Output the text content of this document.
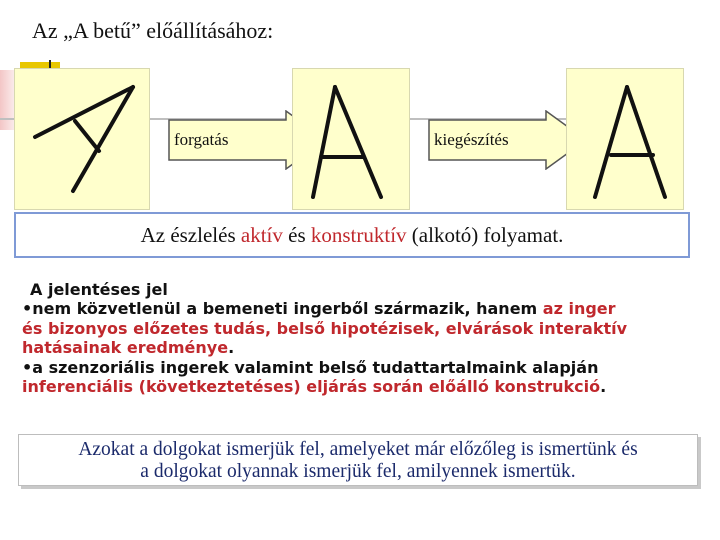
Az „A betű” előállításához:
forgatás	kiegészítés
Az észlelés aktív és konstruktív (alkotó) folyamat.
A jelentéses jel
•nem közvetlenül a bemeneti ingerből származik, hanem az inger
és bizonyos előzetes tudás, belső hipotézisek, elvárások interaktív
hatásainak eredménye.
•a szenzoriális ingerek valamint belső tudattartalmaink alapján
inferenciális (következtetéses) eljárás során előálló konstrukció.
Azokat a dolgokat ismerjük fel, amelyeket már előzőleg is ismertünk és
a dolgokat olyannak ismerjük fel, amilyennek ismertük.
